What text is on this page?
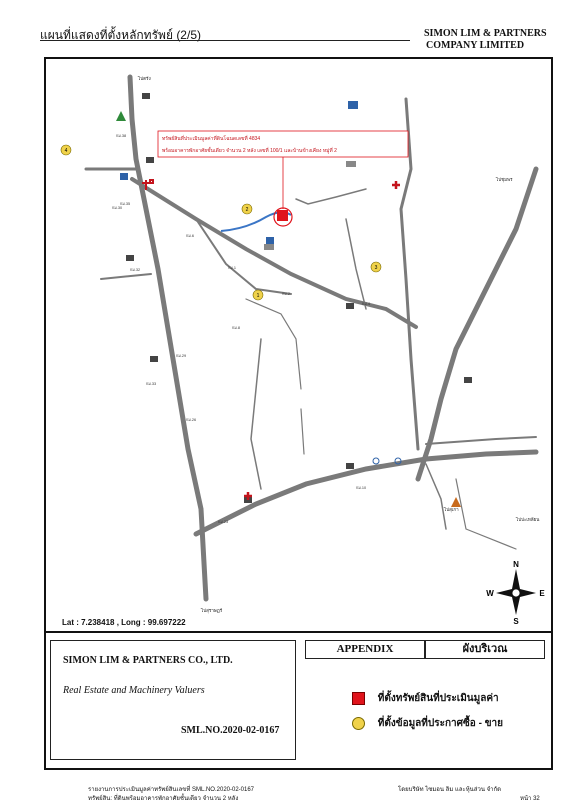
แผนที่แสดงที่ตั้งหลักทรัพย์ (2/5)	SIMON LIM & PARTNERS
COMPANY LIMITED
ทรัพย์สินที่ประเมินมูลค่าที่ดินโฉนดเลขที่ 4834
พร้อมอาคารพักอาศัยชั้นเดียว จำนวน 2 หลัง เลขที่ 100/1 และบ้านข้างเคียง หมู่ที่ 2
4
3
2
1
ไปตรัง
ไปชุมพร
ไปสุราษฏร์
ไปปะเหลียน
ไปสุเกา
กม.38
กม.35
กม.32
กม.29
กม.26
กม.23
กม.4
กม.2
กม.1
กม.6
กม.8
กม.10
กม.30
กม.33
N
S
E
W
Lat : 7.238418 , Long : 99.697222
SIMON LIM & PARTNERS CO., LTD.
Real Estate and Machinery Valuers
SML.NO.2020-02-0167
APPENDIX	ผังบริเวณ
ที่ตั้งทรัพย์สินที่ประเมินมูลค่า
ที่ตั้งข้อมูลที่ประกาศซื้อ - ขาย
รายงานการประเมินมูลค่าทรัพย์สินเลขที่ SML.NO.2020-02-0167
ทรัพย์สิน: ที่ดินพร้อมอาคารพักอาศัยชั้นเดียว จำนวน 2 หลัง
โดยบริษัท ไซมอน ลิม และหุ้นส่วน จำกัด
หน้า 32
